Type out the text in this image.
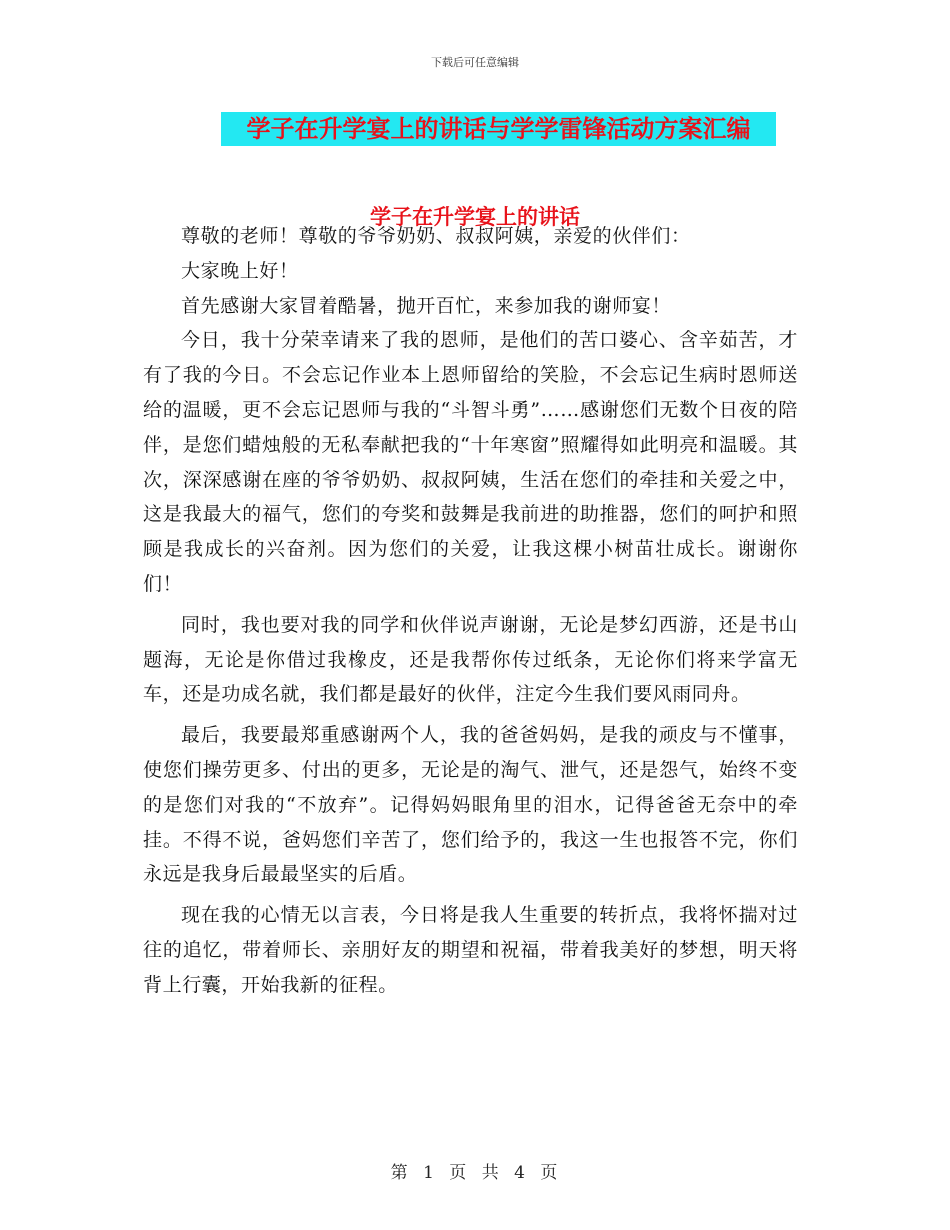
下载后可任意编辑
学子在升学宴上的讲话与学学雷锋活动方案汇编
学子在升学宴上的讲话

尊敬的老师！尊敬的爷爷奶奶、叔叔阿姨，亲爱的伙伴们：

大家晚上好！

首先感谢大家冒着酷暑，抛开百忙，来参加我的谢师宴！

今日，我十分荣幸请来了我的恩师，是他们的苦口婆心、含辛茹苦，才有了我的今日。不会忘记作业本上恩师留给的笑脸，不会忘记生病时恩师送给的温暖，更不会忘记恩师与我的“斗智斗勇”……感谢您们无数个日夜的陪伴，是您们蜡烛般的无私奉献把我的“十年寒窗”照耀得如此明亮和温暖。其次，深深感谢在座的爷爷奶奶、叔叔阿姨，生活在您们的牵挂和关爱之中，这是我最大的福气，您们的夸奖和鼓舞是我前进的助推器，您们的呵护和照顾是我成长的兴奋剂。因为您们的关爱，让我这棵小树苗壮成长。谢谢你们！

同时，我也要对我的同学和伙伴说声谢谢，无论是梦幻西游，还是书山题海，无论是你借过我橡皮，还是我帮你传过纸条，无论你们将来学富无车，还是功成名就，我们都是最好的伙伴，注定今生我们要风雨同舟。

最后，我要最郑重感谢两个人，我的爸爸妈妈，是我的顽皮与不懂事，使您们操劳更多、付出的更多，无论是的淘气、泄气，还是怨气，始终不变的是您们对我的“不放弃”。记得妈妈眼角里的泪水，记得爸爸无奈中的牵挂。不得不说，爸妈您们辛苦了，您们给予的，我这一生也报答不完，你们永远是我身后最最坚实的后盾。

现在我的心情无以言表，今日将是我人生重要的转折点，我将怀揣对过往的追忆，带着师长、亲朋好友的期望和祝福，带着我美好的梦想，明天将背上行囊，开始我新的征程。

第 1 页 共 4 页
